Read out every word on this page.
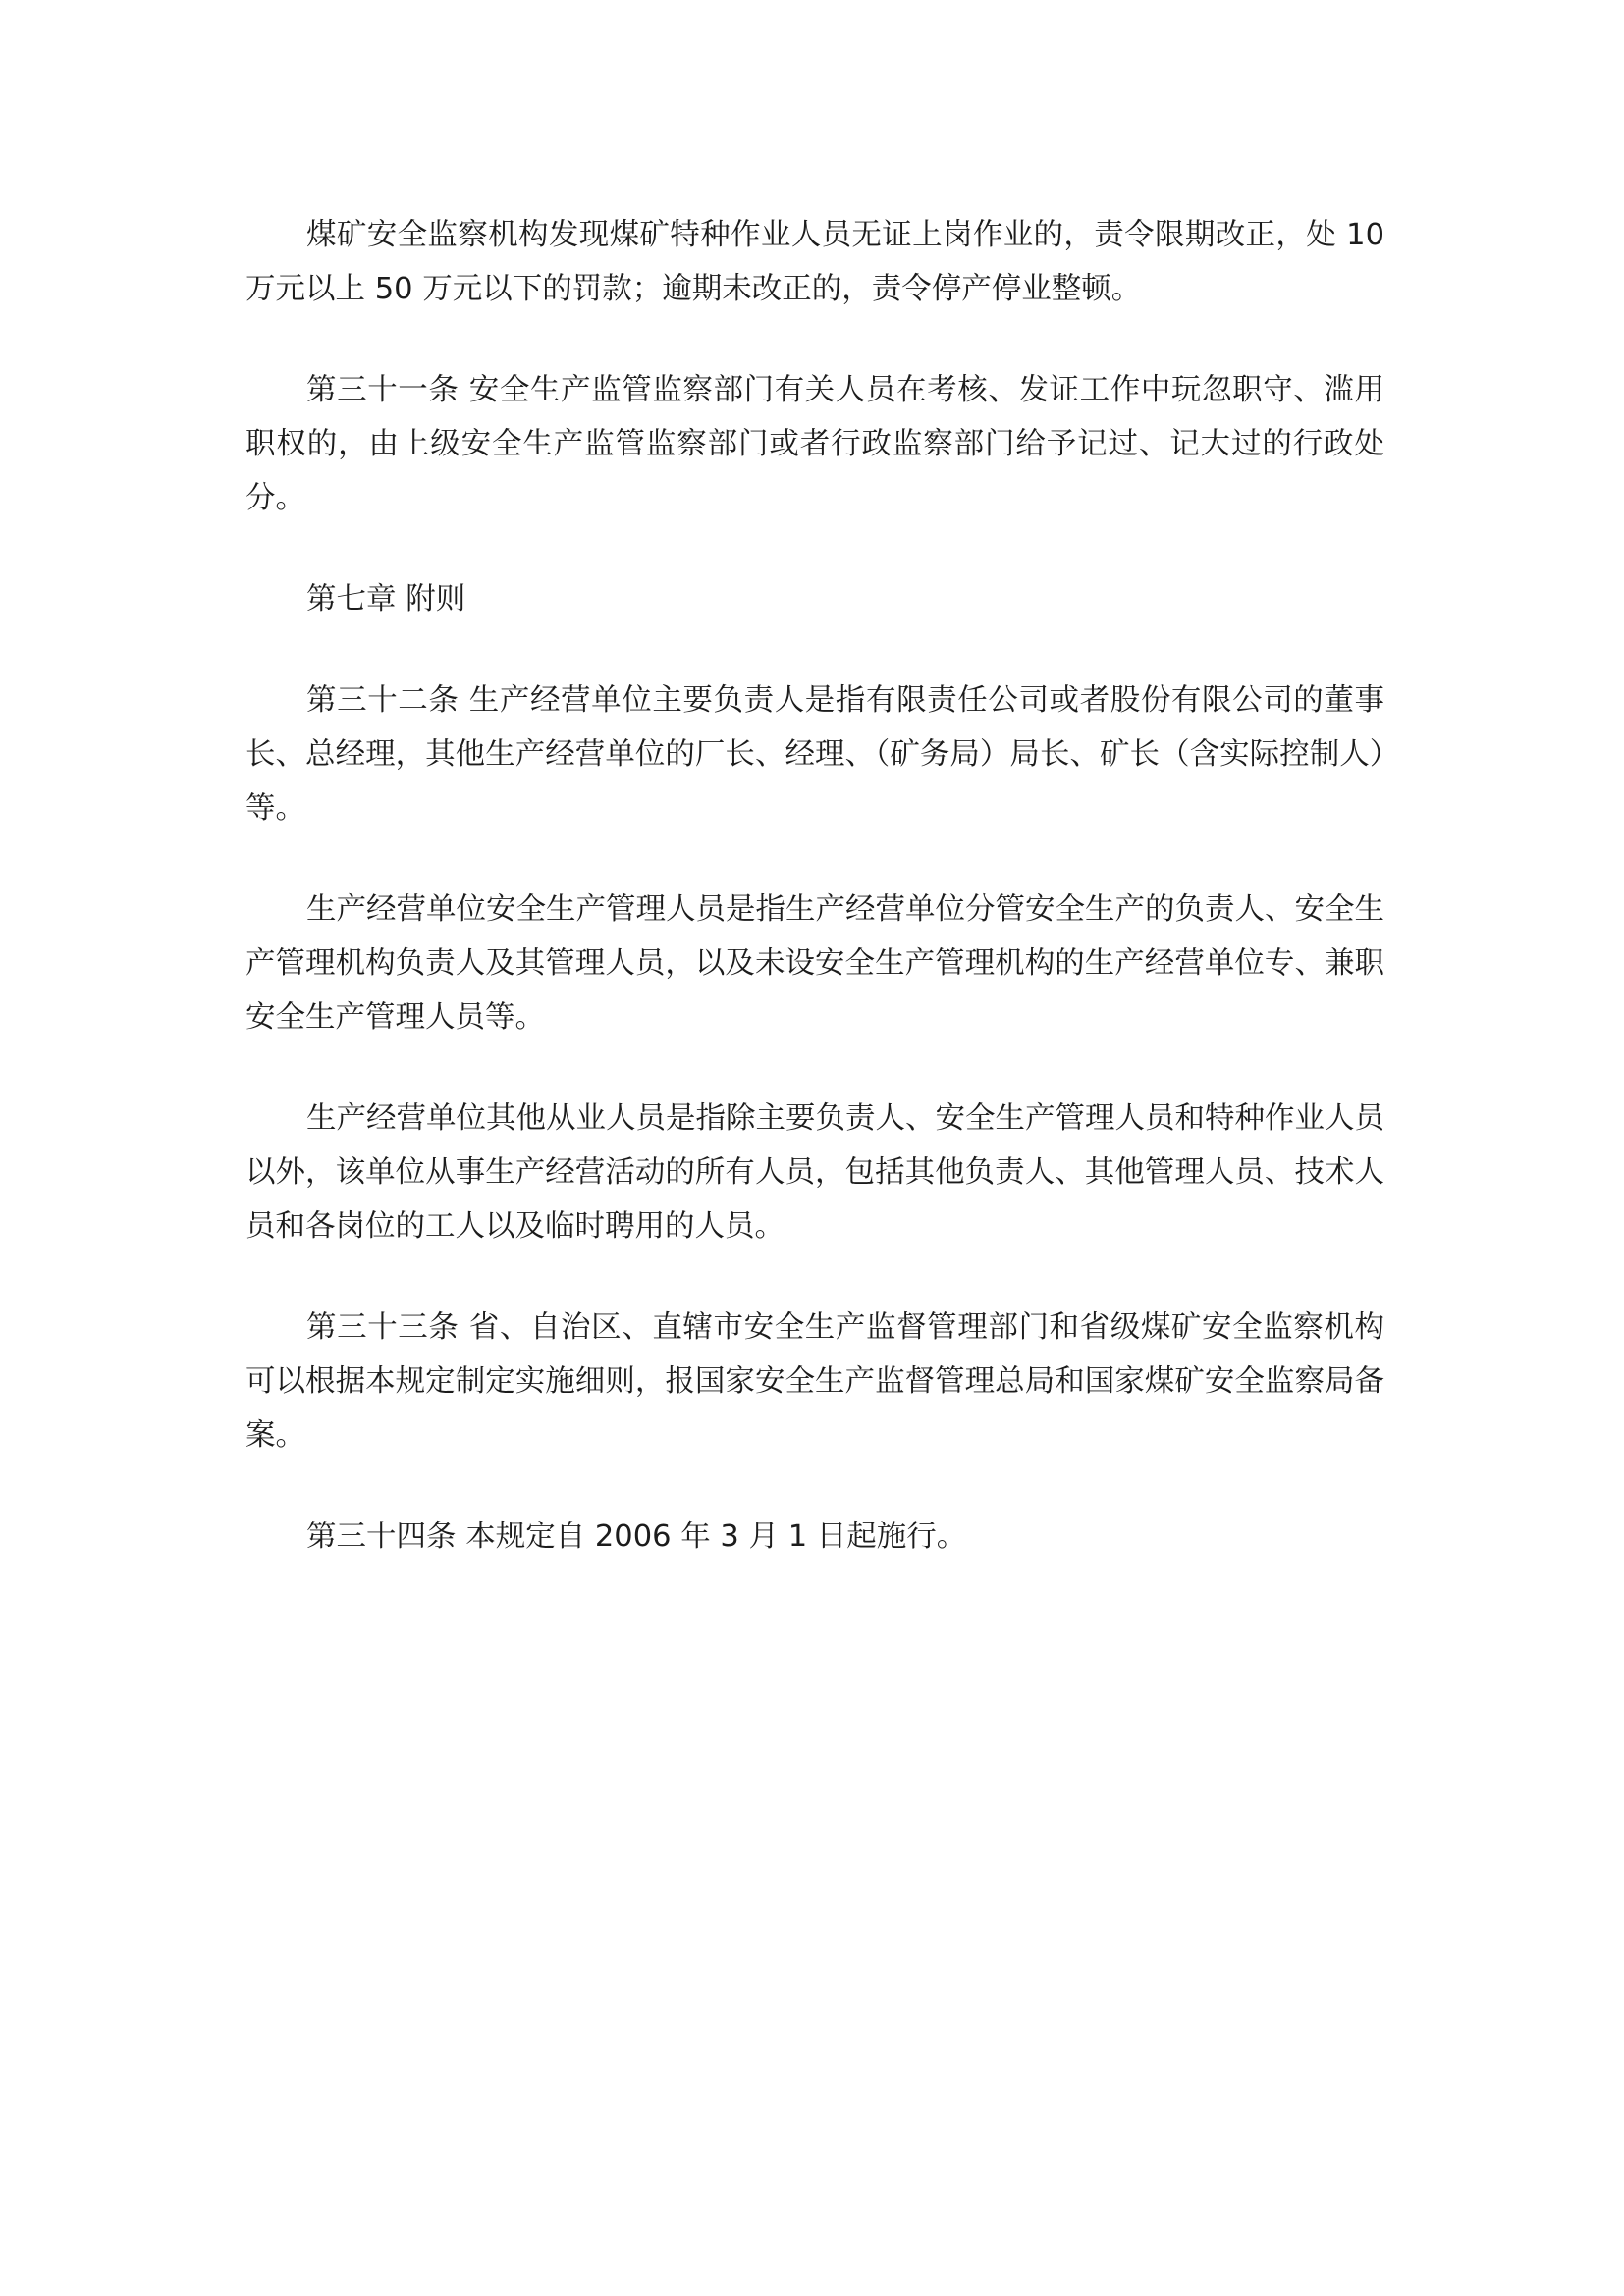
煤矿安全监察机构发现煤矿特种作业人员无证上岗作业的，责令限期改正，处 10 万元以上 50 万元以下的罚款；逾期未改正的，责令停产停业整顿。

第三十一条 安全生产监管监察部门有关人员在考核、发证工作中玩忽职守、滥用职权的，由上级安全生产监管监察部门或者行政监察部门给予记过、记大过的行政处分。

第七章 附则

第三十二条 生产经营单位主要负责人是指有限责任公司或者股份有限公司的董事长、总经理，其他生产经营单位的厂长、经理、（矿务局）局长、矿长（含实际控制人）等。

生产经营单位安全生产管理人员是指生产经营单位分管安全生产的负责人、安全生产管理机构负责人及其管理人员，以及未设安全生产管理机构的生产经营单位专、兼职安全生产管理人员等。

生产经营单位其他从业人员是指除主要负责人、安全生产管理人员和特种作业人员以外，该单位从事生产经营活动的所有人员，包括其他负责人、其他管理人员、技术人员和各岗位的工人以及临时聘用的人员。

第三十三条 省、自治区、直辖市安全生产监督管理部门和省级煤矿安全监察机构可以根据本规定制定实施细则，报国家安全生产监督管理总局和国家煤矿安全监察局备案。

第三十四条 本规定自 2006 年 3 月 1 日起施行。
